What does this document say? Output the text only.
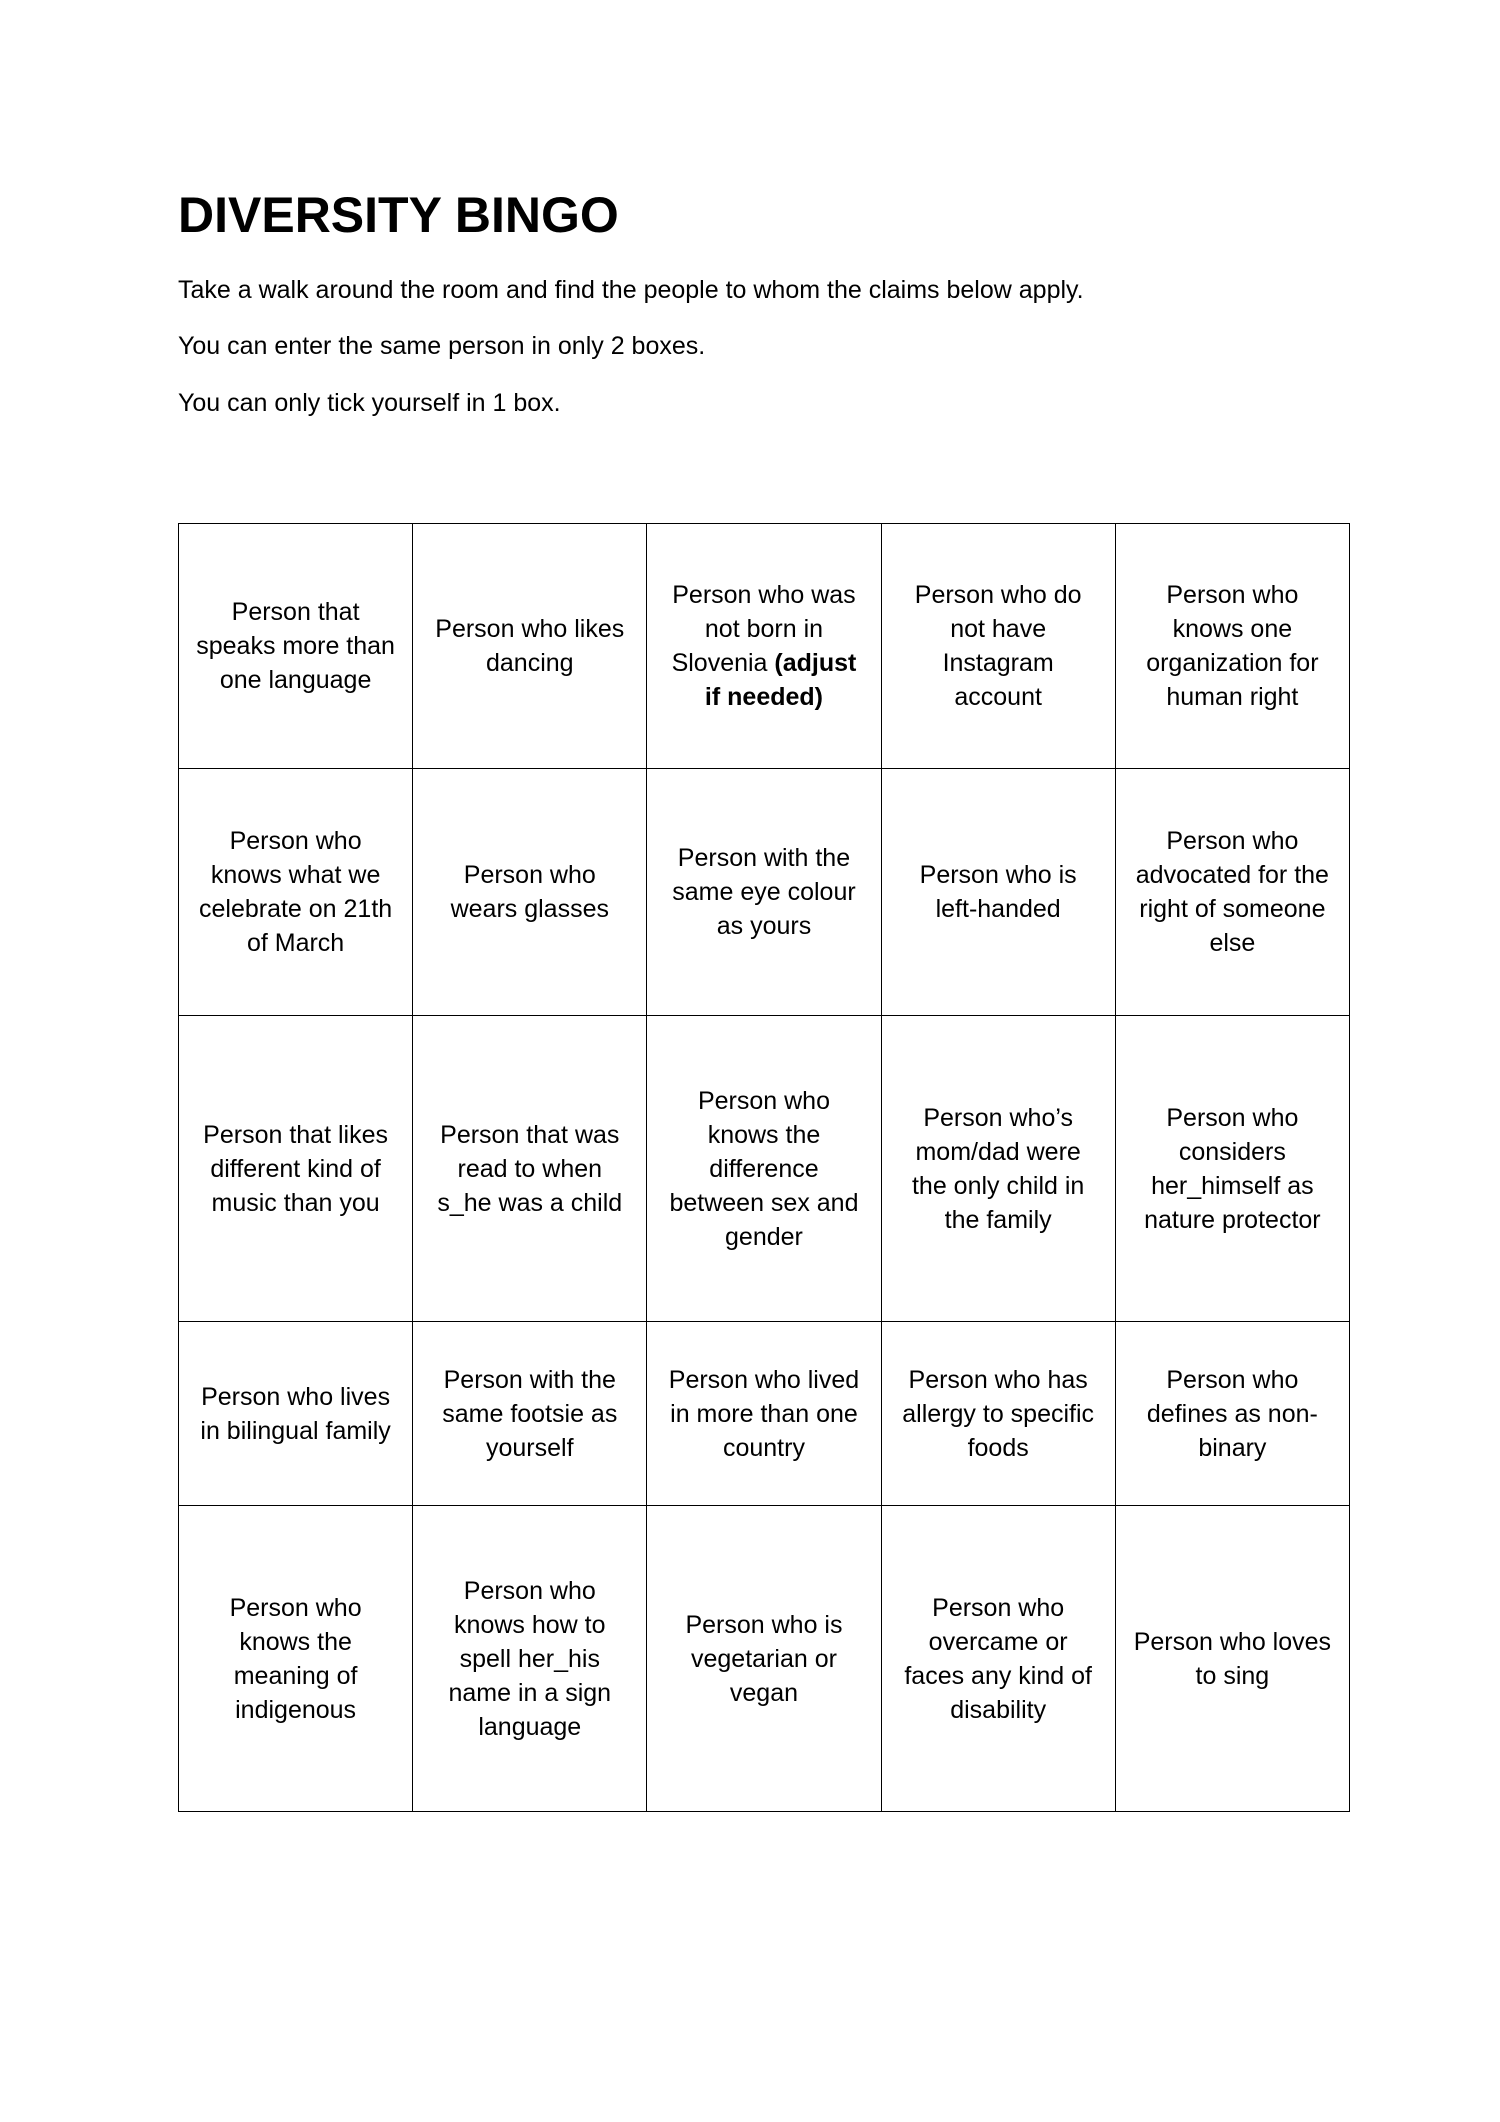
DIVERSITY BINGO

Take a walk around the room and find the people to whom the claims below apply.

You can enter the same person in only 2 boxes.

You can only tick yourself in 1 box.

Person that speaks more than one language	Person who likes dancing	Person who was not born in Slovenia (adjust if needed)	Person who do not have Instagram account	Person who knows one organization for human right
Person who knows what we celebrate on 21th of March	Person who wears glasses	Person with the same eye colour as yours	Person who is left-handed	Person who advocated for the right of someone else
Person that likes different kind of music than you	Person that was read to when s_he was a child	Person who knows the difference between sex and gender	Person who’s mom/dad were the only child in the family	Person who considers her_himself as nature protector
Person who lives in bilingual family	Person with the same footsie as yourself	Person who lived in more than one country	Person who has allergy to specific foods	Person who defines as non-binary
Person who knows the meaning of indigenous	Person who knows how to spell her_his name in a sign language	Person who is vegetarian or vegan	Person who overcame or faces any kind of disability	Person who loves to sing
